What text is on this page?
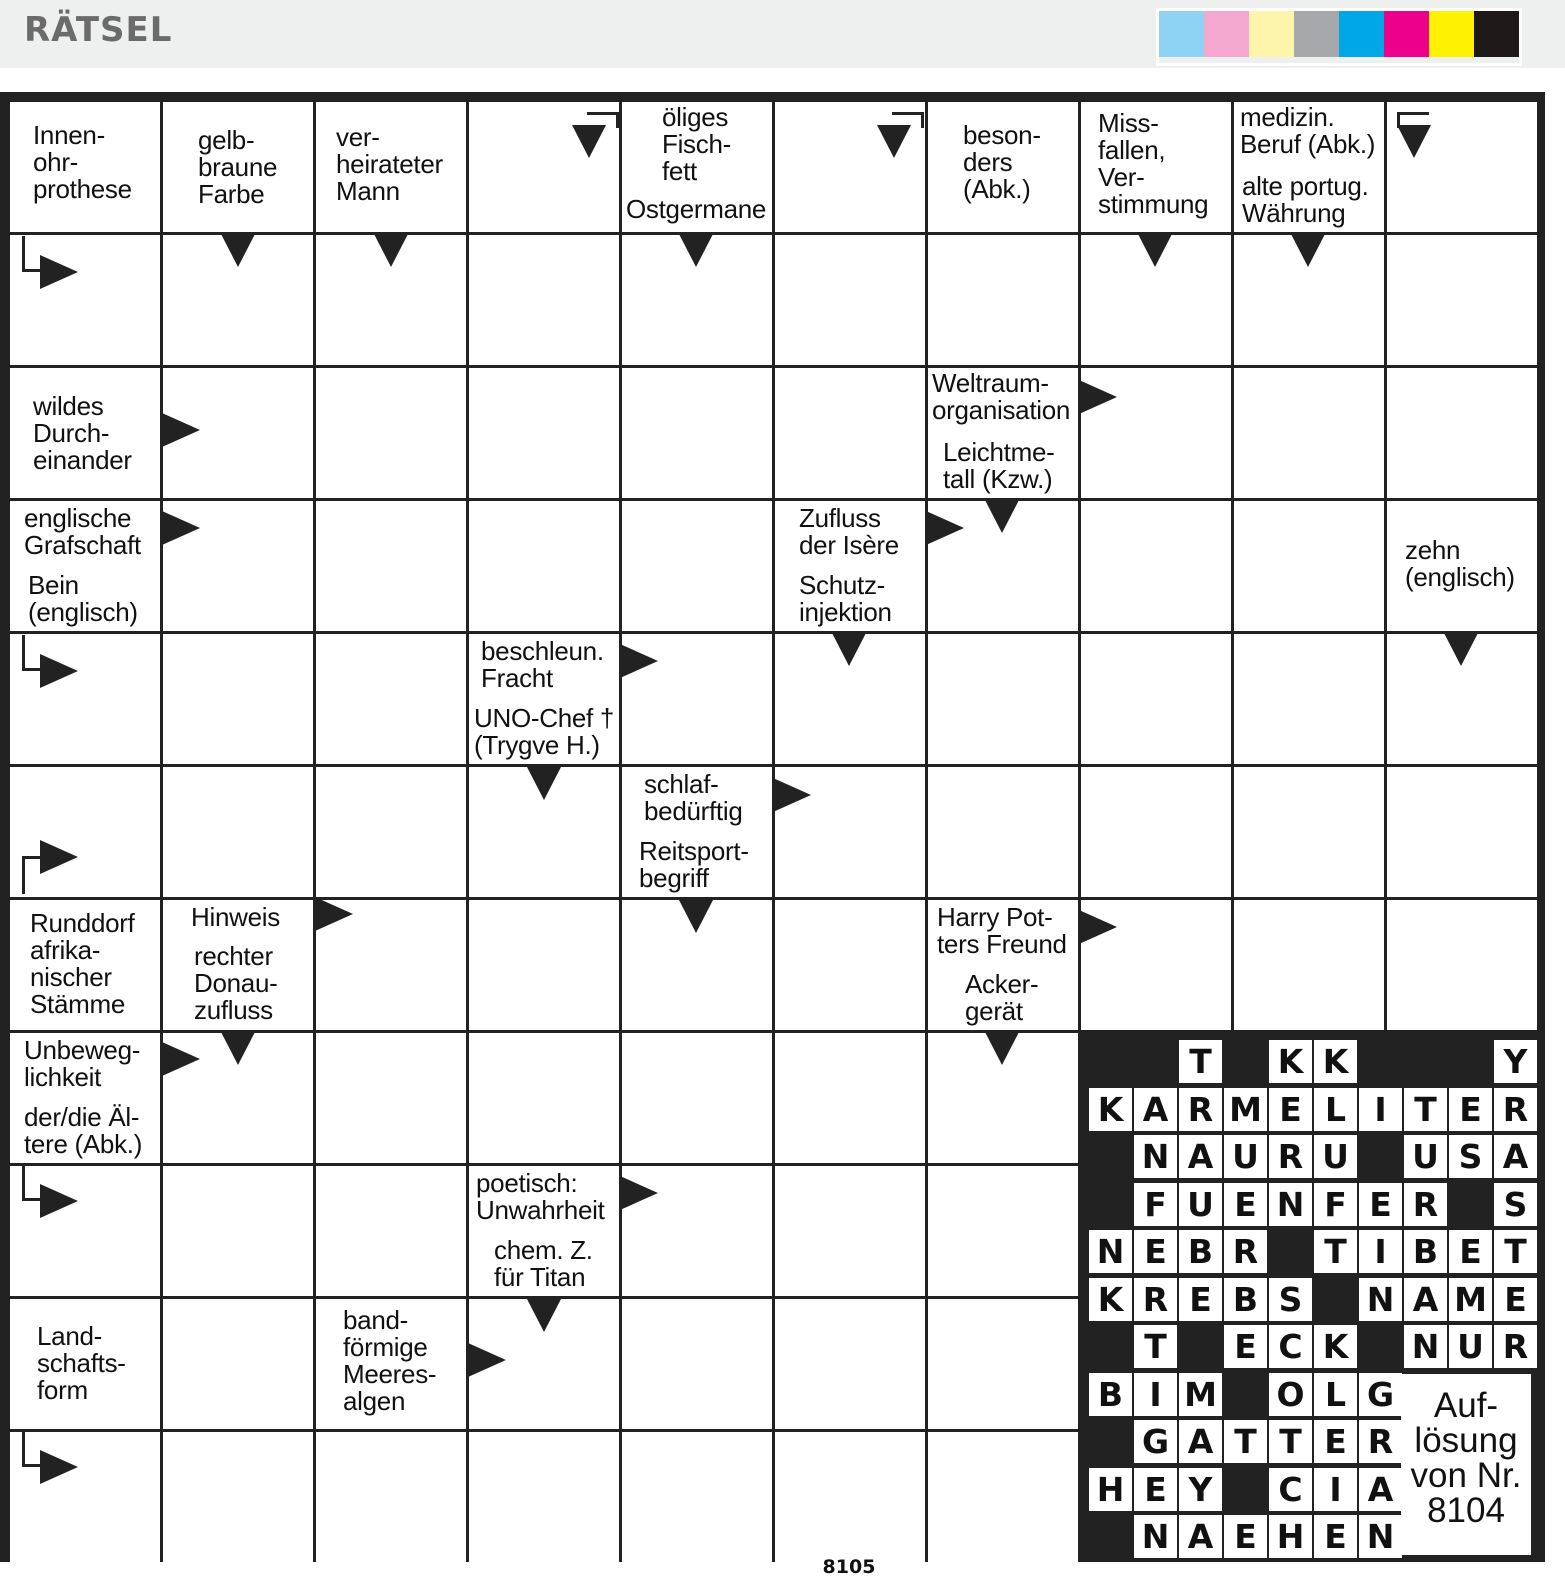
RÄTSEL
Innen-
ohr-
prothese
gelb-
braune
Farbe
ver-
heirateter
Mann
öliges
Fisch-
fett
Ostgermane
beson-
ders
(Abk.)
Miss-
fallen,
Ver-
stimmung
medizin.
Beruf (Abk.)
alte portug.
Währung
wildes
Durch-
einander
Weltraum-
organisation
Leichtme-
tall (Kzw.)
englische
Grafschaft
Bein
(englisch)
Zufluss
der Isère
Schutz-
injektion
zehn
(englisch)
beschleun.
Fracht
UNO-Chef †
(Trygve H.)
schlaf-
bedürftig
Reitsport-
begriff
Runddorf
afrika-
nischer
Stämme
Hinweis
rechter
Donau-
zufluss
Harry Pot-
ters Freund
Acker-
gerät
Unbeweg-
lichkeit
der/die Äl-
tere (Abk.)
poetisch:
Unwahrheit
chem. Z.
für Titan
Land-
schafts-
form
band-
förmige
Meeres-
algen
T	K K	Y
K A R M E L I T E R
N A U R U U S A
F U E N F E R S
N E B R	T I B E T
K R E B S N A M E
T	E C K N U R
B I M O L G
G A T T E R
H E Y C I A
N A E H E N
Auf-
lösung
von Nr.
8104
8105
